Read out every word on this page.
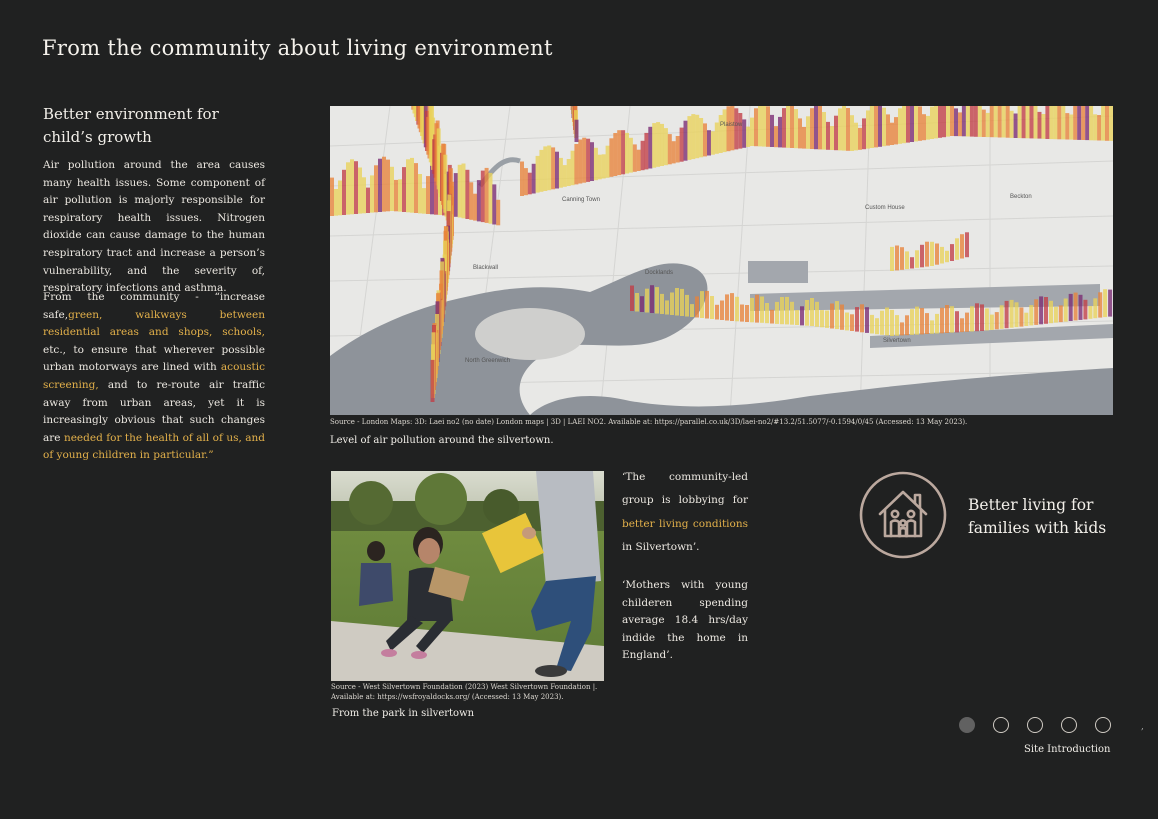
From the community about living environment
Better environment for child’s growth
Air pollution around the area causes many health issues. Some component of air pollution is majorly responsible for respiratory health issues. Nitrogen dioxide can cause damage to the human respiratory tract and increase a person’s vulnerability, and the severity of, respiratory infections and asthma.
From the community - “increase safe,green, walkways between residential areas and shops, schools, etc., to ensure that wherever possible urban motorways are lined with acoustic screening, and to re-route air traffic away from urban areas, yet it is increasingly obvious that such changes are needed for the health of all of us, and of young children in particular.”
Plaistow
Canning Town
Custom House
Beckton
Blackwall
Docklands
North Greenwich
Silvertown
Source - London Maps: 3D: Laei no2 (no date) London maps | 3D | LAEI NO2. Available at: https://parallel.co.uk/3D/laei-no2/#13.2/51.5077/-0.1594/0/45 (Accessed: 13 May 2023).
Level of air pollution around the silvertown.
Source - West Silvertown Foundation (2023) West Silvertown Foundation |.
Available at: https://wsfroyaldocks.org/ (Accessed: 13 May 2023).
From the park in silvertown
‘The community-led group is lobbying for better living conditions in Silvertown’.
‘Mothers with young childeren spending average 18.4 hrs/day indide the home in England’.
Better living for families with kids
Site Introduction
,
